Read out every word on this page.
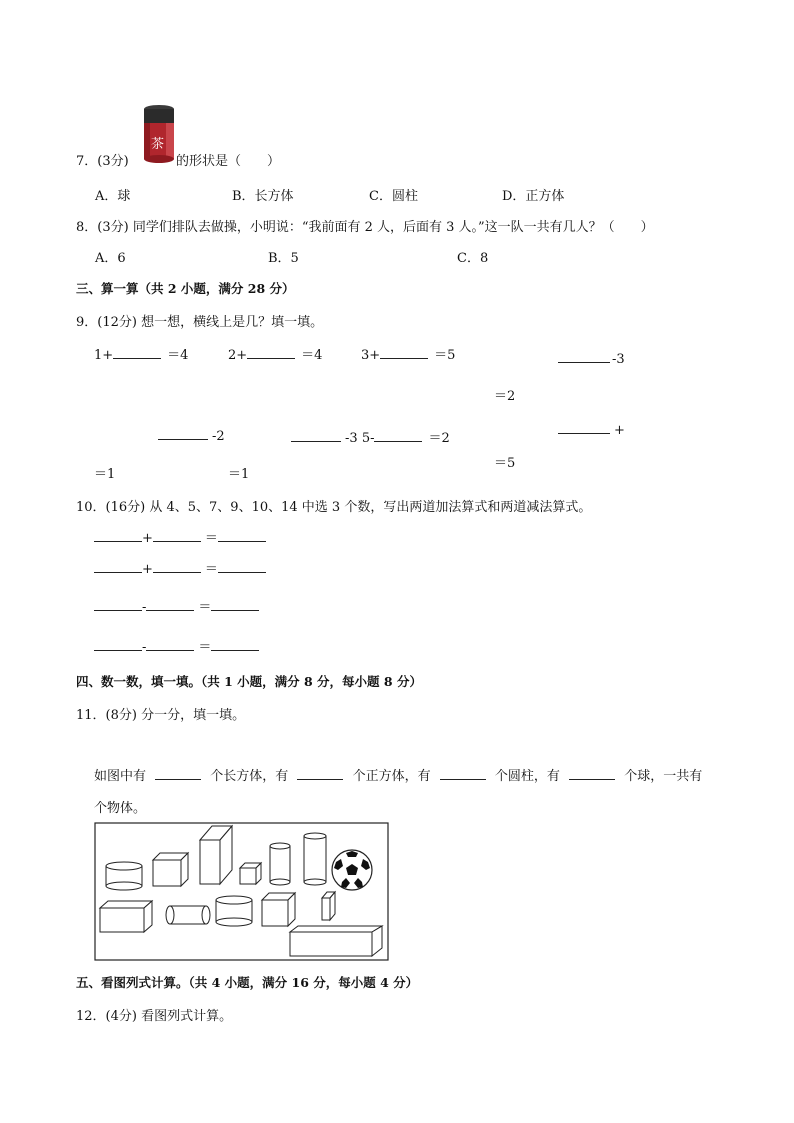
7．(3分)
茶
的形状是（　　）
A．球	B．长方体	C．圆柱	D．正方体
8．(3分) 同学们排队去做操，小明说：“我前面有 2 人，后面有 3 人。”这一队一共有几人？（　　）
A．6	B．5	C．8
三、算一算（共 2 小题，满分 28 分）
9．(12分) 想一想，横线上是几？填一填。
1+	＝4	2+	＝4	3+	＝5	-3
＝2
-2	-3 5-	＝2
+
＝5
＝1	＝1
10．(16分) 从 4、5、7、9、10、14 中选 3 个数，写出两道加法算式和两道减法算式。
+	＝
+	＝
-	＝
-	＝
四、数一数，填一填。（共 1 小题，满分 8 分，每小题 8 分）
11．(8分) 分一分，填一填。
如图中有	个长方体，有	个正方体，有	个圆柱，有	个球，一共有
个物体。
五、看图列式计算。（共 4 小题，满分 16 分，每小题 4 分）
12．(4分) 看图列式计算。
